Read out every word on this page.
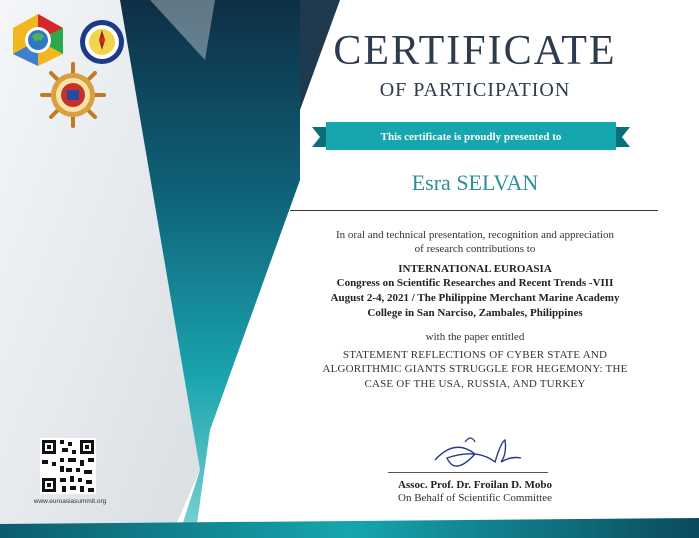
CERTIFICATE
OF PARTICIPATION
This certificate is proudly presented to
Esra SELVAN
In oral and technical presentation, recognition and appreciation
of research contributions to
INTERNATIONAL EUROASIA
Congress on Scientific Researches and Recent Trends -VIII
August 2-4, 2021 / The Philippine Merchant Marine Academy
College in San Narciso, Zambales, Philippines
with the paper entitled
STATEMENT REFLECTIONS OF CYBER STATE AND
ALGORITHMIC GIANTS STRUGGLE FOR HEGEMONY: THE
CASE OF THE USA, RUSSIA, AND TURKEY
Assoc. Prof. Dr. Froilan D. Mobo
On Behalf of Scientific Committee
www.euroasiasummit.org
